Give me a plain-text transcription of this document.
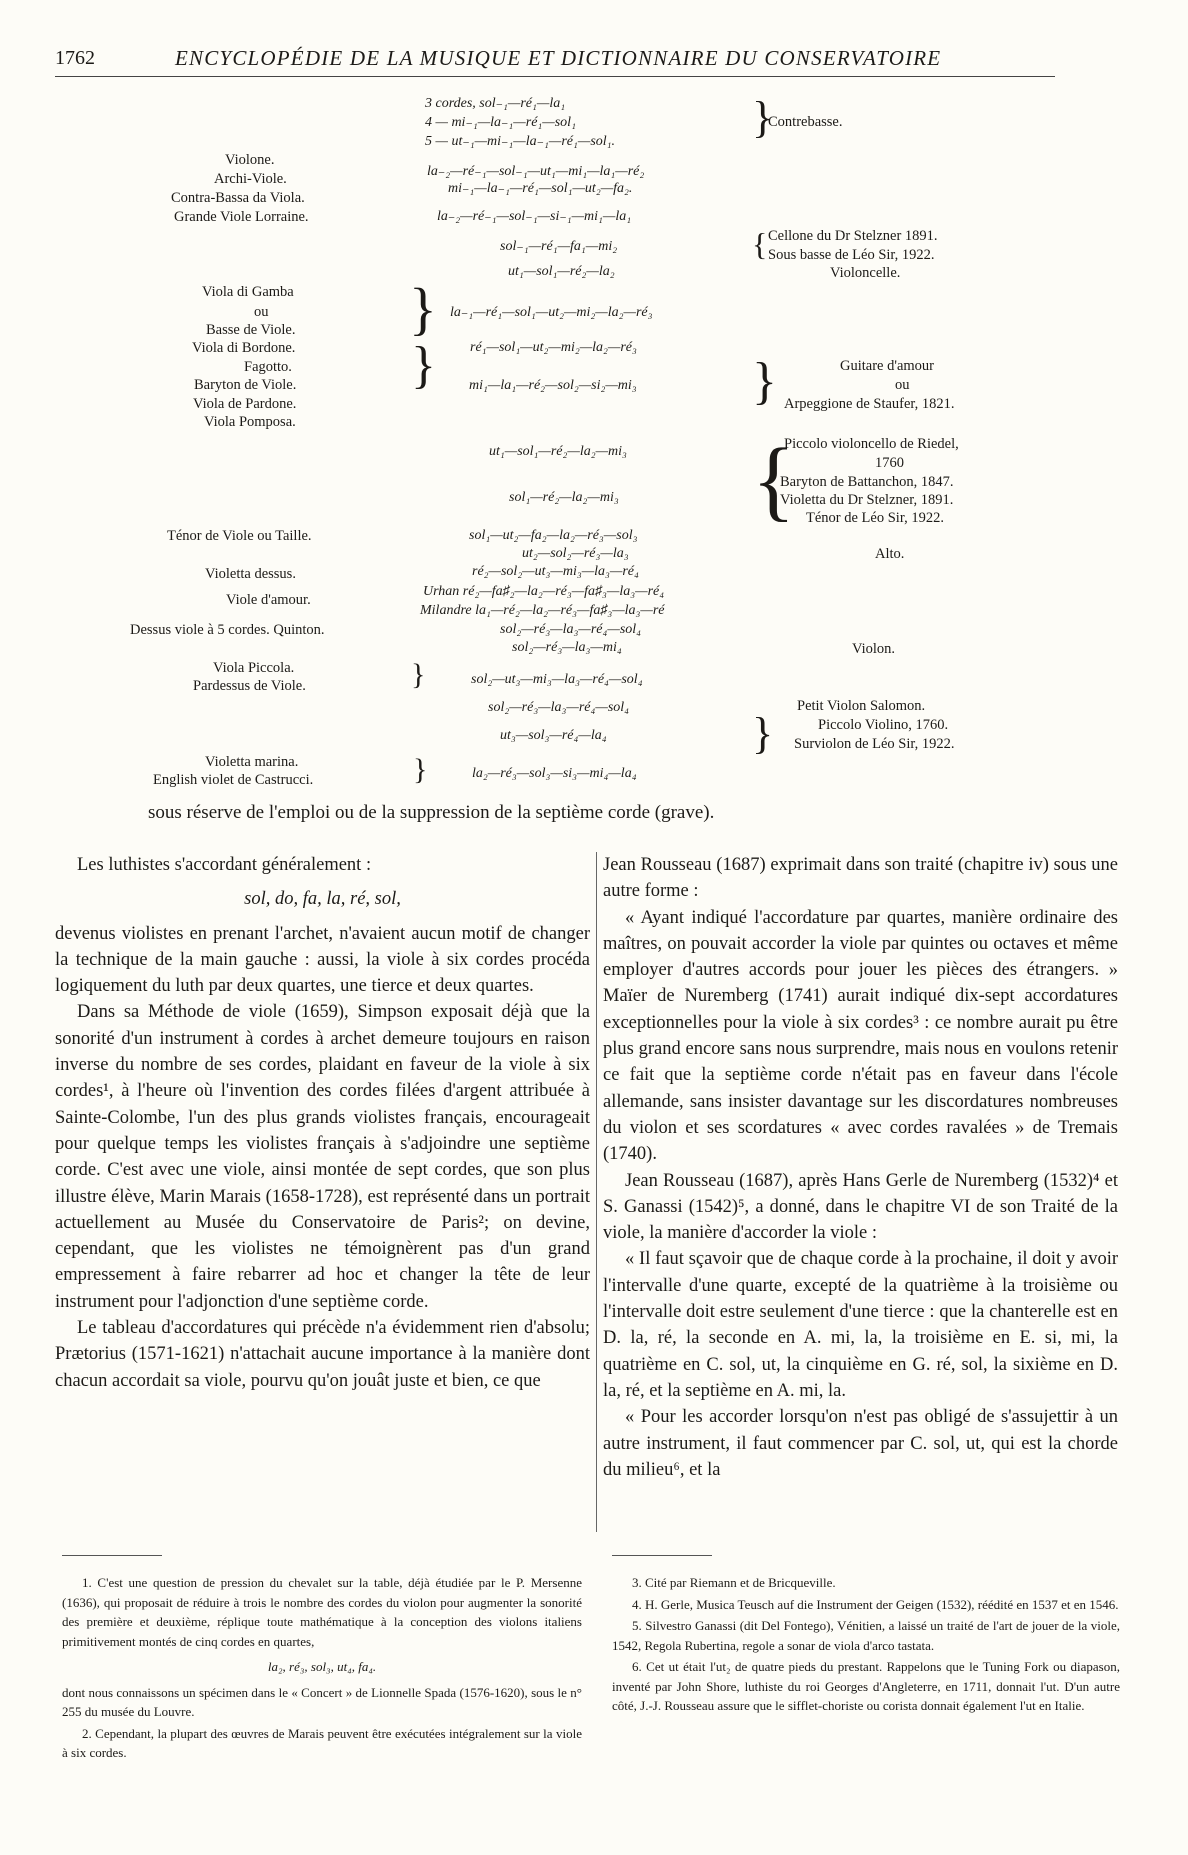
1762	ENCYCLOPÉDIE DE LA MUSIQUE ET DICTIONNAIRE DU CONSERVATOIRE
Violone.
Archi-Viole.
Contra-Bassa da Viola.
Grande Viole Lorraine.
Viola di Gamba
ou
Basse de Viole.
Viola di Bordone.
Fagotto.
Baryton de Viole.
Viola de Pardone.
Viola Pomposa.
Ténor de Viole ou Taille.
Violetta dessus.
Viole d'amour.
Dessus viole à 5 cordes. Quinton.
Viola Piccola.
Pardessus de Viole.
Violetta marina.
English violet de Castrucci.
}
}
}
}
}
{
}
{
}
3 cordes, sol₋₁—ré₁—la₁
4 — mi₋₁—la₋₁—ré₁—sol₁
5 — ut₋₁—mi₋₁—la₋₁—ré₁—sol₁.
la₋₂—ré₋₁—sol₋₁—ut₁—mi₁—la₁—ré₂
mi₋₁—la₋₁—ré₁—sol₁—ut₂—fa₂.
la₋₂—ré₋₁—sol₋₁—si₋₁—mi₁—la₁
sol₋₁—ré₁—fa₁—mi₂
ut₁—sol₁—ré₂—la₂
la₋₁—ré₁—sol₁—ut₂—mi₂—la₂—ré₃
ré₁—sol₁—ut₂—mi₂—la₂—ré₃
mi₁—la₁—ré₂—sol₂—si₂—mi₃
ut₁—sol₁—ré₂—la₂—mi₃
sol₁—ré₂—la₂—mi₃
sol₁—ut₂—fa₂—la₂—ré₃—sol₃
ut₂—sol₂—ré₃—la₃
ré₂—sol₂—ut₃—mi₃—la₃—ré₄
Urhan ré₂—fa♯₂—la₂—ré₃—fa♯₃—la₃—ré₄
Milandre la₁—ré₂—la₂—ré₃—fa♯₃—la₃—ré
sol₂—ré₃—la₃—ré₄—sol₄
sol₂—ré₃—la₃—mi₄
sol₂—ut₃—mi₃—la₃—ré₄—sol₄
sol₂—ré₃—la₃—ré₄—sol₄
ut₃—sol₃—ré₄—la₄
la₂—ré₃—sol₃—si₃—mi₄—la₄
Contrebasse.
Cellone du Dr Stelzner 1891.
Sous basse de Léo Sir, 1922.
Violoncelle.
Guitare d'amour
ou
Arpeggione de Staufer, 1821.
Piccolo violoncello de Riedel,
1760
Baryton de Battanchon, 1847.
Violetta du Dr Stelzner, 1891.
Ténor de Léo Sir, 1922.
Alto.
Violon.
Petit Violon Salomon.
Piccolo Violino, 1760.
Surviolon de Léo Sir, 1922.
sous réserve de l'emploi ou de la suppression de la septième corde (grave).

Les luthistes s'accordant généralement :

sol, do, fa, la, ré, sol,

devenus violistes en prenant l'archet, n'avaient aucun motif de changer la technique de la main gauche : aussi, la viole à six cordes procéda logiquement du luth par deux quartes, une tierce et deux quartes.

Dans sa Méthode de viole (1659), Simpson exposait déjà que la sonorité d'un instrument à cordes à archet demeure toujours en raison inverse du nombre de ses cordes, plaidant en faveur de la viole à six cordes¹, à l'heure où l'invention des cordes filées d'argent attribuée à Sainte-Colombe, l'un des plus grands violistes français, encourageait pour quelque temps les violistes français à s'adjoindre une septième corde. C'est avec une viole, ainsi montée de sept cordes, que son plus illustre élève, Marin Marais (1658-1728), est représenté dans un portrait actuellement au Musée du Conservatoire de Paris²; on devine, cependant, que les violistes ne témoignèrent pas d'un grand empressement à faire rebarrer ad hoc et changer la tête de leur instrument pour l'adjonction d'une septième corde.

Le tableau d'accordatures qui précède n'a évidemment rien d'absolu; Prætorius (1571-1621) n'attachait aucune importance à la manière dont chacun accordait sa viole, pourvu qu'on jouât juste et bien, ce que

Jean Rousseau (1687) exprimait dans son traité (chapitre iv) sous une autre forme :

« Ayant indiqué l'accordature par quartes, manière ordinaire des maîtres, on pouvait accorder la viole par quintes ou octaves et même employer d'autres accords pour jouer les pièces des étrangers. » Maïer de Nuremberg (1741) aurait indiqué dix-sept accordatures exceptionnelles pour la viole à six cordes³ : ce nombre aurait pu être plus grand encore sans nous surprendre, mais nous en voulons retenir ce fait que la septième corde n'était pas en faveur dans l'école allemande, sans insister davantage sur les discordatures nombreuses du violon et ses scordatures « avec cordes ravalées » de Tremais (1740).

Jean Rousseau (1687), après Hans Gerle de Nuremberg (1532)⁴ et S. Ganassi (1542)⁵, a donné, dans le chapitre VI de son Traité de la viole, la manière d'accorder la viole :

« Il faut sçavoir que de chaque corde à la prochaine, il doit y avoir l'intervalle d'une quarte, excepté de la quatrième à la troisième ou l'intervalle doit estre seulement d'une tierce : que la chanterelle est en D. la, ré, la seconde en A. mi, la, la troisième en E. si, mi, la quatrième en C. sol, ut, la cinquième en G. ré, sol, la sixième en D. la, ré, et la septième en A. mi, la.

« Pour les accorder lorsqu'on n'est pas obligé de s'assujettir à un autre instrument, il faut commencer par C. sol, ut, qui est la chorde du milieu⁶, et la

1. C'est une question de pression du chevalet sur la table, déjà étudiée par le P. Mersenne (1636), qui proposait de réduire à trois le nombre des cordes du violon pour augmenter la sonorité des première et deuxième, réplique toute mathématique à la conception des violons italiens primitivement montés de cinq cordes en quartes,

la₂, ré₃, sol₃, ut₄, fa₄.

dont nous connaissons un spécimen dans le « Concert » de Lionnelle Spada (1576-1620), sous le n° 255 du musée du Louvre.

2. Cependant, la plupart des œuvres de Marais peuvent être exécutées intégralement sur la viole à six cordes.

3. Cité par Riemann et de Bricqueville.

4. H. Gerle, Musica Teusch auf die Instrument der Geigen (1532), réédité en 1537 et en 1546.

5. Silvestro Ganassi (dit Del Fontego), Vénitien, a laissé un traité de l'art de jouer de la viole, 1542, Regola Rubertina, regole a sonar de viola d'arco tastata.

6. Cet ut était l'ut₂ de quatre pieds du prestant. Rappelons que le Tuning Fork ou diapason, inventé par John Shore, luthiste du roi Georges d'Angleterre, en 1711, donnait l'ut. D'un autre côté, J.-J. Rousseau assure que le sifflet-choriste ou corista donnait également l'ut en Italie.
